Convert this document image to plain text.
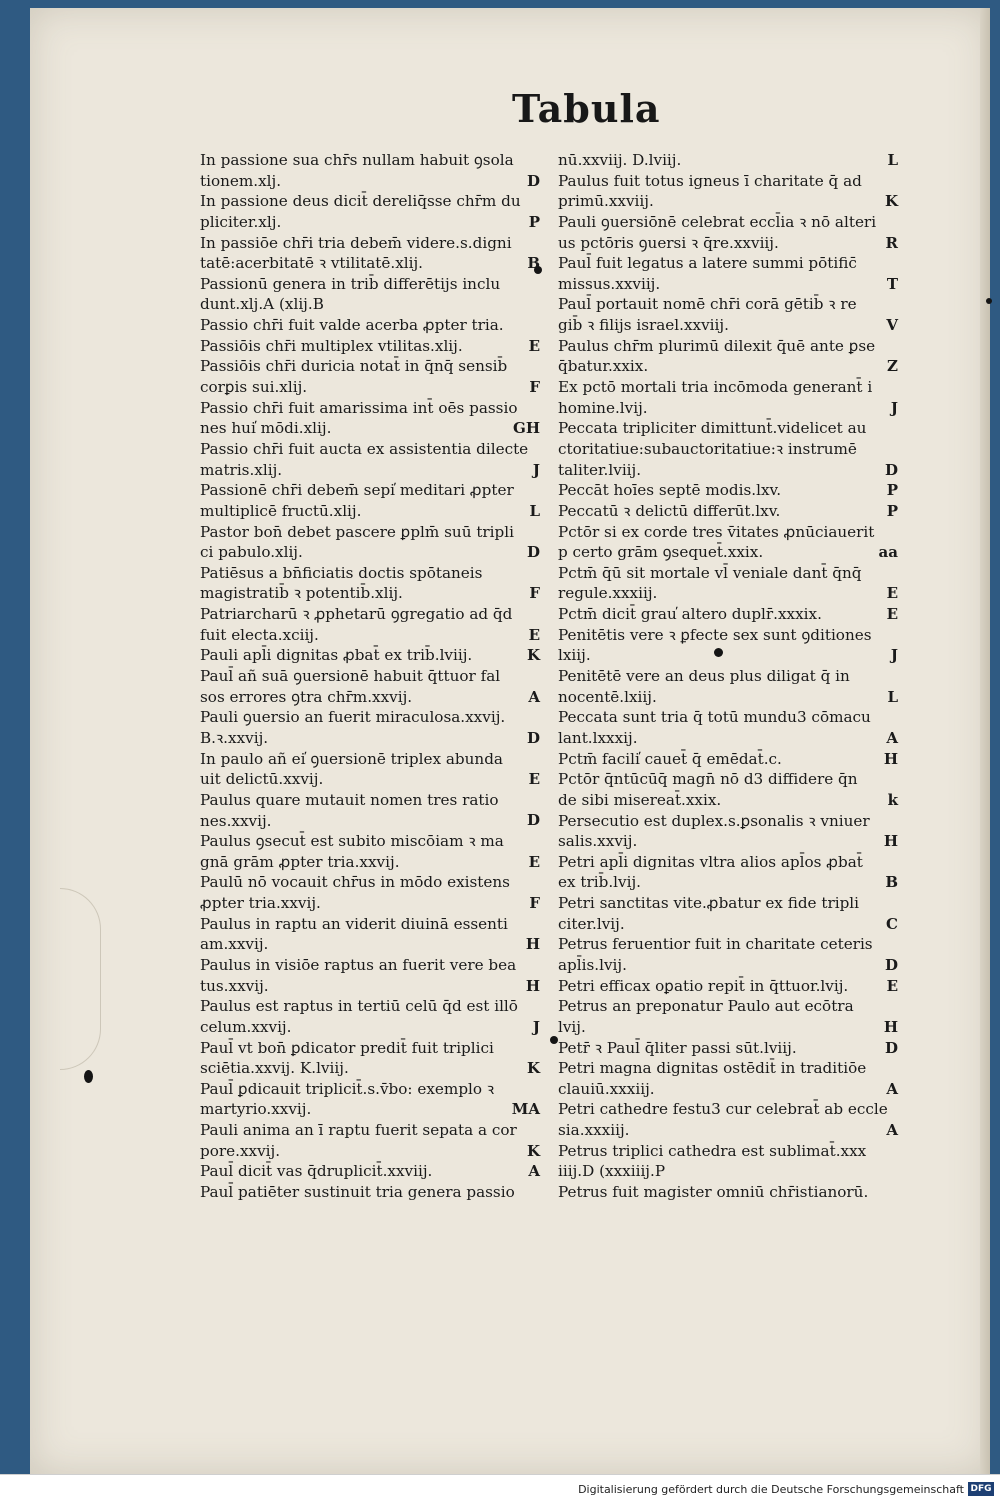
Tabula
In passione sua chr̄s nullam habuit ꝯsola
tionem.xlj.	D
In passione deus dicit̄ dereliq̄sse chr̄m du
pliciter.xlj.	P
In passiōe chr̄i tria debem̄ videre.s.digni
tatē:acerbitatē ꝛ vtilitatē.xlij.	B
Passionū genera in trib̄ differētijs inclu
dunt.xlj.A (xlij.B
Passio chr̄i fuit valde acerba ꝓpter tria.
Passiōis chr̄i multiplex vtilitas.xlij.	E
Passiōis chr̄i duricia notat̄ in q̄nq̄ sensib̄
corꝑis sui.xlij.	F
Passio chr̄i fuit amarissima int̄ oēs passio
nes hui̕ mōdi.xlij.	GH
Passio chr̄i fuit aucta ex assistentia dilecte
matris.xlij.	J
Passionē chr̄i debem̄ sepi̕ meditari ꝓpter
multiplicē fructū.xlij.	L
Pastor bon̄ debet pascere ꝑplm̄ suū tripli
ci pabulo.xlij.	D
Patiēsus a bn̄ficiatis doctis spōtaneis
magistratib̄ ꝛ potentib̄.xlij.	F
Patriarcharū ꝛ ꝓphetarū ꝯgregatio ad q̄d
fuit electa.xciij.	E
Pauli apl̄i dignitas ꝓbat̄ ex trib̄.lviij.	K
Paul̄ añ suā ꝯuersionē habuit q̄ttuor fal
sos errores ꝯtra chr̄m.xxvij.	A
Pauli ꝯuersio an fuerit miraculosa.xxvij.
B.ꝛ.xxvij.	D
In paulo añ ei̕ ꝯuersionē triplex abunda
uit delictū.xxvij.	E
Paulus quare mutauit nomen tres ratio
nes.xxvij.	D
Paulus ꝯsecut̄ est subito miscōiam ꝛ ma
gnā grām ꝓpter tria.xxvij.	E
Paulū nō vocauit chr̄us in mōdo existens
ꝓpter tria.xxvij.	F
Paulus in raptu an viderit diuinā essenti
am.xxvij.	H
Paulus in visiōe raptus an fuerit vere bea
tus.xxvij.	H
Paulus est raptus in tertiū celū q̄d est illō
celum.xxvij.	J
Paul̄ vt bon̄ ꝑdicator predit̄ fuit triplici
sciētia.xxvij. K.lviij.	K
Paul̄ ꝑdicauit triplicit̄.s.v̄bo: exemplo ꝛ
martyrio.xxvij.	MA
Pauli anima an ī raptu fuerit sepata a cor
pore.xxvij.	K
Paul̄ dicit̄ vas q̄druplicit̄.xxviij.	A
Paul̄ patiēter sustinuit tria genera passio
nū.xxviij. D.lviij.	L
Paulus fuit totus igneus ī charitate q̄ ad
primū.xxviij.	K
Pauli ꝯuersiōnē celebrat eccl̄ia ꝛ nō alteri
us pctōris ꝯuersi ꝛ q̄re.xxviij.	R
Paul̄ fuit legatus a latere summi pōtific̄
missus.xxviij.	T
Paul̄ portauit nomē chr̄i corā gētib̄ ꝛ re
gib̄ ꝛ filijs israel.xxviij.	V
Paulus chr̄m plurimū dilexit q̄uē ante ꝑse
q̄batur.xxix.	Z
Ex pctō mortali tria incōmoda generant̄ i
homine.lvij.	J
Peccata tripliciter dimittunt̄.videlicet au
ctoritatiue:subauctoritatiue:ꝛ instrumē
taliter.lviij.	D
Peccāt hoīes septē modis.lxv.	P
Peccatū ꝛ delictū differūt.lxv.	P
Pctōr si ex corde tres v̄itates ꝓnūciauerit
p certo grām ꝯsequet̄.xxix.	aa
Pctm̄ q̄ū sit mortale vl̄ veniale dant̄ q̄nq̄
regule.xxxiij.	E
Pctm̄ dicit̄ grau̕ altero duplr̄.xxxix.	E
Penitētis vere ꝛ ꝑfecte sex sunt ꝯditiones
lxiij.	J
Penitētē vere an deus plus diligat q̄ in
nocentē.lxiij.	L
Peccata sunt tria q̄ totū mundu3 cōmacu
lant.lxxxij.	A
Pctm̄ facili̕ cauet̄ q̄ emēdat̄.c.	H
Pctōr q̄ntūcūq̄ magn̄ nō d3 diffidere q̄n
de sibi misereat̄.xxix.	k
Persecutio est duplex.s.ꝑsonalis ꝛ vniuer
salis.xxvij.	H
Petri apl̄i dignitas vltra alios apl̄os ꝓbat̄
ex trib̄.lvij.	B
Petri sanctitas vite.ꝓbatur ex fide tripli
citer.lvij.	C
Petrus feruentior fuit in charitate ceteris
apl̄is.lvij.	D
Petri efficax oꝑatio repit̄ in q̄ttuor.lvij.	E
Petrus an preponatur Paulo aut ecōtra
lvij.	H
Petr̄ ꝛ Paul̄ q̄liter passi sūt.lviij.	D
Petri magna dignitas ostēdit̄ in traditiōe
clauiū.xxxiij.	A
Petri cathedre festu3 cur celebrat̄ ab eccle
sia.xxxiij.	A
Petrus triplici cathedra est sublimat̄.xxx
iiij.D (xxxiiij.P
Petrus fuit magister omniū chr̄istianorū.
Digitalisierung gefördert durch die Deutsche Forschungsgemeinschaft DFG
